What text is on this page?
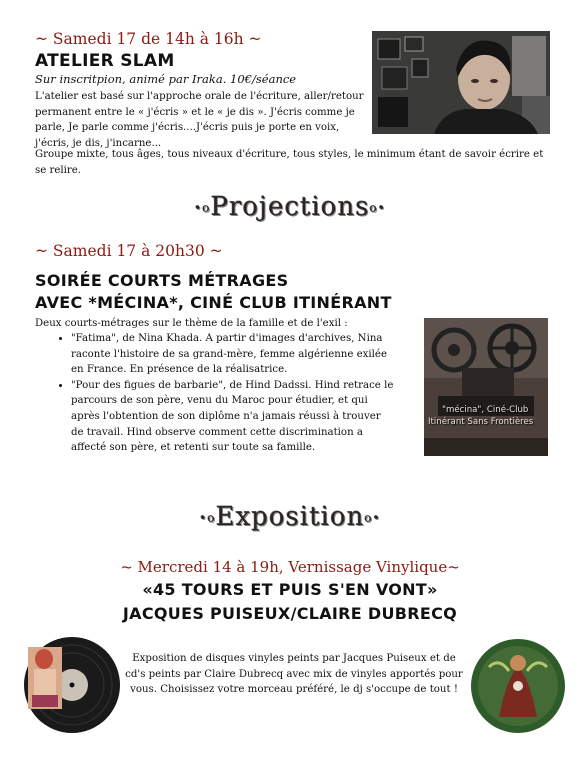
~ Samedi 17 de 14h à 16h ~
ATELIER SLAM
Sur inscritpion, animé par Iraka. 10€/séance
L'atelier est basé sur l'approche orale de l'écriture, aller/retour
permanent entre le « j'écris » et le « je dis ». J'écris comme je
parle, Je parle comme j'écris....J'écris puis je porte en voix,
j'écris, je dis, j'incarne...
Groupe mixte, tous âges, tous niveaux d'écriture, tous styles, le minimum étant de savoir écrire et se relire.
•oProjectionso•
~ Samedi 17 à 20h30 ~
SOIRÉE COURTS MÉTRAGES
AVEC *MÉCINA*, CINÉ CLUB ITINÉRANT
Deux courts-métrages sur le thème de la famille et de l'exil :
• "Fatima", de Nina Khada. A partir d'images d'archives, Nina
raconte l'histoire de sa grand-mère, femme algérienne exilée
en France. En présence de la réalisatrice.
• "Pour des figues de barbarie", de Hind Dadssi. Hind retrace le
parcours de son père, venu du Maroc pour étudier, et qui
après l'obtention de son diplôme n'a jamais réussi à trouver
de travail. Hind observe comment cette discrimination a
affecté son père, et retenti sur toute sa famille.
"mécina", Ciné-Club
Itinérant Sans Frontières
•oExpositiono•
~ Mercredi 14 à 19h, Vernissage Vinylique~
«45 TOURS ET PUIS S'EN VONT»
JACQUES PUISEUX/CLAIRE DUBRECQ
Exposition de disques vinyles peints par Jacques Puiseux et de
cd's peints par Claire Dubrecq avec mix de vinyles apportés pour
vous. Choisissez votre morceau préféré, le dj s'occupe de tout !
